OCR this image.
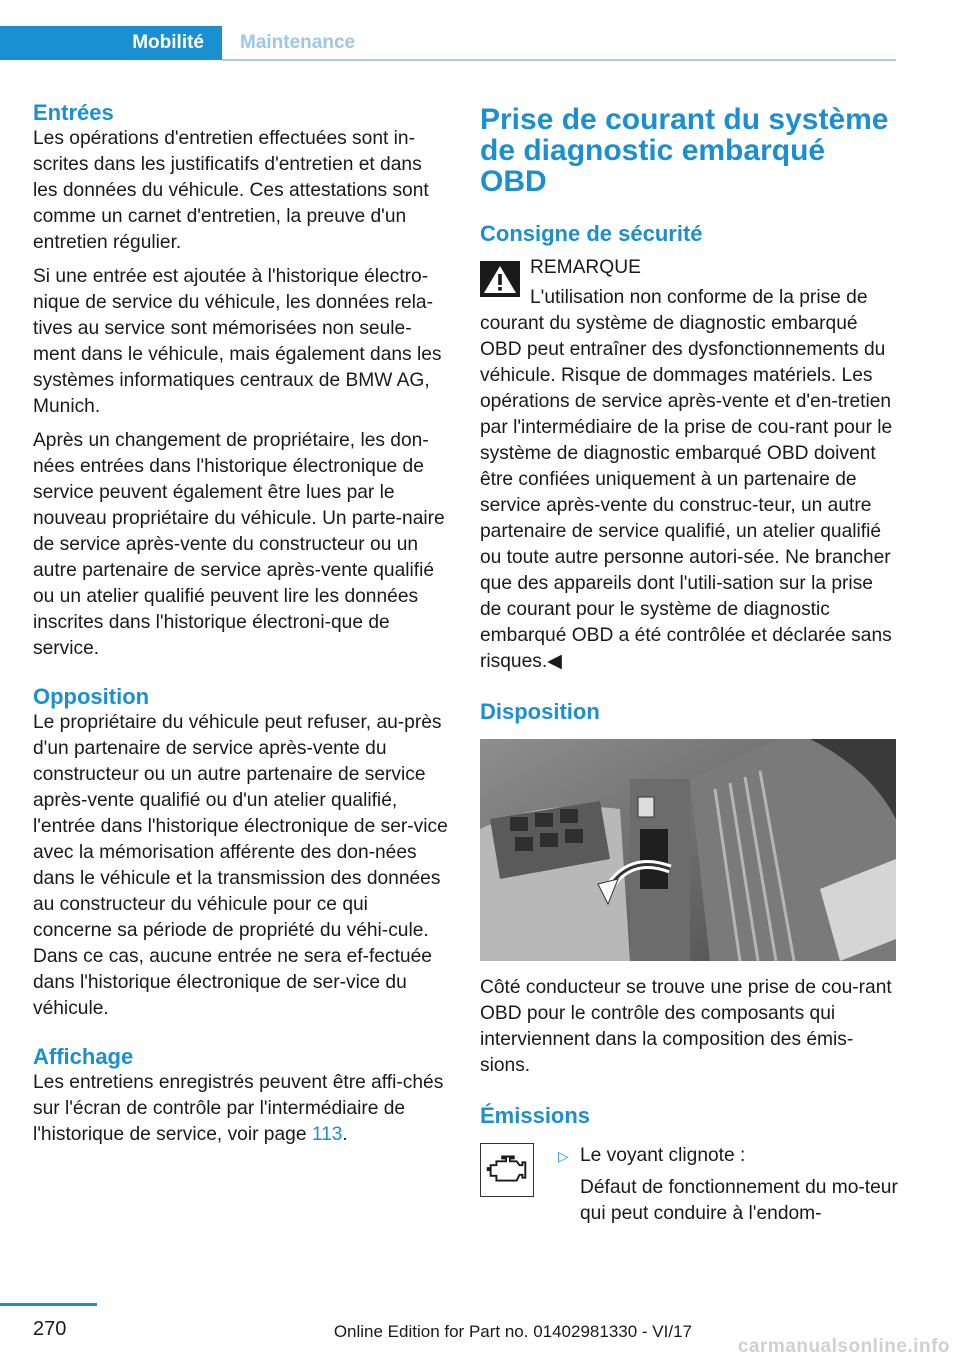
Mobilité	Maintenance
Entrées

Les opérations d'entretien effectuées sont in-scrites dans les justificatifs d'entretien et dans les données du véhicule. Ces attestations sont comme un carnet d'entretien, la preuve d'un entretien régulier.

Si une entrée est ajoutée à l'historique électro-nique de service du véhicule, les données rela-tives au service sont mémorisées non seule-ment dans le véhicule, mais également dans les systèmes informatiques centraux de BMW AG, Munich.

Après un changement de propriétaire, les don-nées entrées dans l'historique électronique de service peuvent également être lues par le nouveau propriétaire du véhicule. Un parte-naire de service après-vente du constructeur ou un autre partenaire de service après-vente qualifié ou un atelier qualifié peuvent lire les données inscrites dans l'historique électroni-que de service.

Opposition

Le propriétaire du véhicule peut refuser, au-près d'un partenaire de service après-vente du constructeur ou un autre partenaire de service après-vente qualifié ou d'un atelier qualifié, l'entrée dans l'historique électronique de ser-vice avec la mémorisation afférente des don-nées dans le véhicule et la transmission des données au constructeur du véhicule pour ce qui concerne sa période de propriété du véhi-cule. Dans ce cas, aucune entrée ne sera ef-fectuée dans l'historique électronique de ser-vice du véhicule.

Affichage

Les entretiens enregistrés peuvent être affi-chés sur l'écran de contrôle par l'intermédiaire de l'historique de service, voir page 113.

Prise de courant du système de diagnostic embarqué OBD
Consigne de sécurité
REMARQUE

L'utilisation non conforme de la prise de
courant du système de diagnostic embarqué OBD peut entraîner des dysfonctionnements du véhicule. Risque de dommages matériels. Les opérations de service après-vente et d'en-tretien par l'intermédiaire de la prise de cou-rant pour le système de diagnostic embarqué OBD doivent être confiées uniquement à un partenaire de service après-vente du construc-teur, un autre partenaire de service qualifié, un atelier qualifié ou toute autre personne autori-sée. Ne brancher que des appareils dont l'utili-sation sur la prise de courant pour le système de diagnostic embarqué OBD a été contrôlée et déclarée sans risques.◀

Disposition

Côté conducteur se trouve une prise de cou-rant OBD pour le contrôle des composants qui interviennent dans la composition des émis-sions.

Émissions
▷ Le voyant clignote :

Défaut de fonctionnement du mo-teur qui peut conduire à l'endom-

270	Online Edition for Part no. 01402981330 - VI/17
carmanualsonline.info
